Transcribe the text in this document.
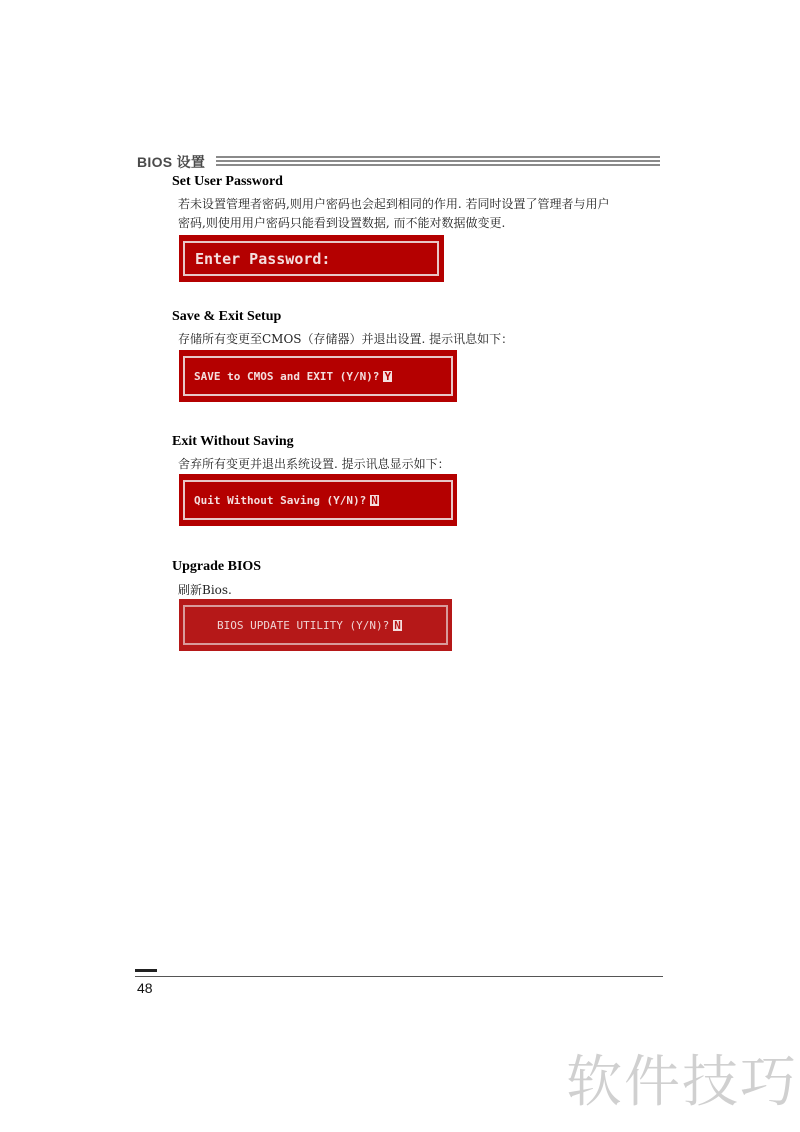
BIOS 设置
Set User Password
若未设置管理者密码,则用户密码也会起到相同的作用. 若同时设置了管理者与用户
密码,则使用用户密码只能看到设置数据, 而不能对数据做变更.
Enter Password:
Save & Exit Setup
存储所有变更至CMOS（存储器）并退出设置. 提示讯息如下：
SAVE to CMOS and EXIT (Y/N)? Y
Exit Without Saving
舍弃所有变更并退出系统设置. 提示讯息显示如下：
Quit Without Saving (Y/N)? N
Upgrade BIOS
刷新Bios.
BIOS UPDATE UTILITY (Y/N)? N
48
软件技巧
